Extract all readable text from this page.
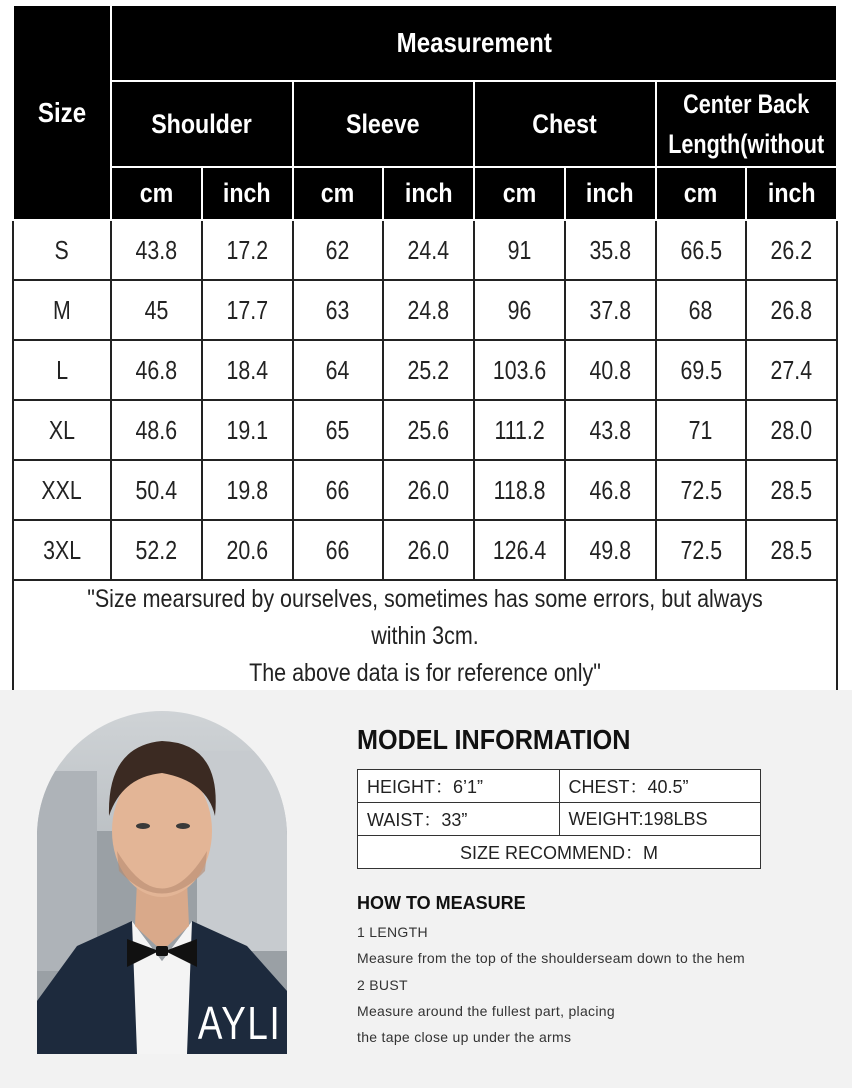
Size	Measurement							
	Shoulder		Sleeve		Chest		Center Back Length(without	
	cm	inch	cm	inch	cm	inch	cm	inch
S	43.8	17.2	62	24.4	91	35.8	66.5	26.2
M	45	17.7	63	24.8	96	37.8	68	26.8
L	46.8	18.4	64	25.2	103.6	40.8	69.5	27.4
XL	48.6	19.1	65	25.6	111.2	43.8	71	28.0
XXL	50.4	19.8	66	26.0	118.8	46.8	72.5	28.5
3XL	52.2	20.6	66	26.0	126.4	49.8	72.5	28.5

"Size mearsured by ourselves, sometimes has some errors, but always within 3cm.
The above data is for reference only"								
AYLI
MODEL INFORMATION
HEIGHT：6’1”	CHEST：40.5”
WAIST：33”	WEIGHT:198LBS
SIZE RECOMMEND：M	
HOW TO MEASURE

1 LENGTH

Measure from the top of the shoulderseam down to the hem

2 BUST

Measure around the fullest part, placing

the tape close up under the arms
